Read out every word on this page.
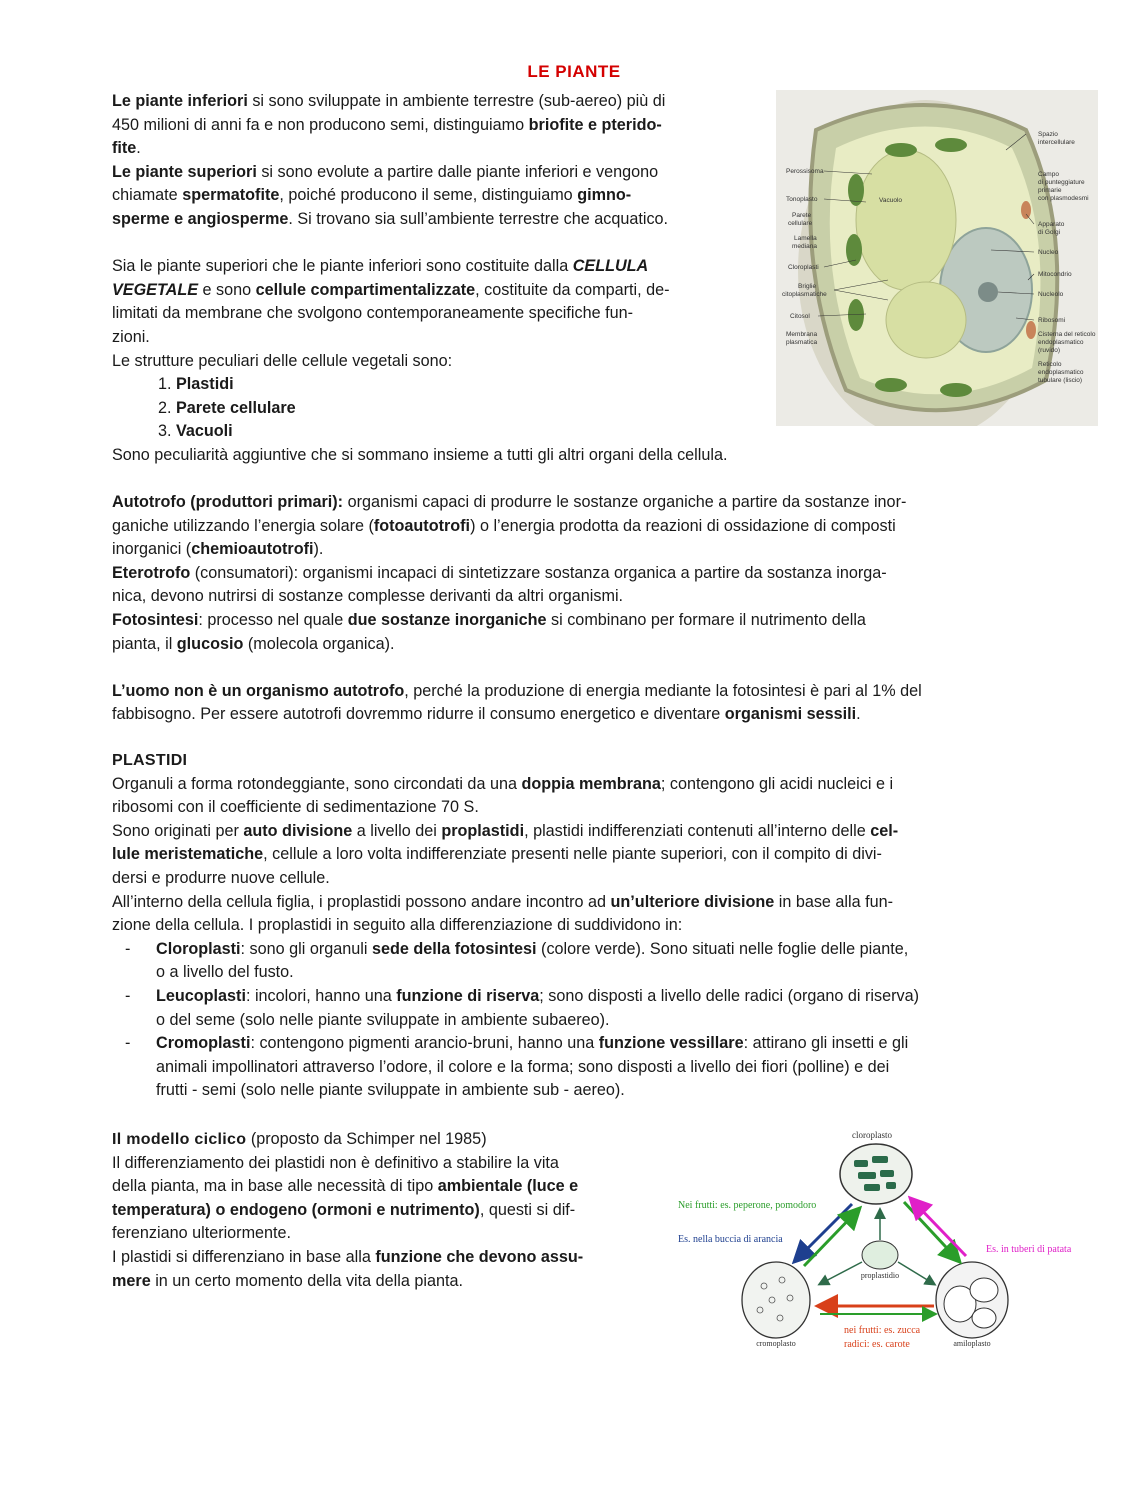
LE PIANTE

Le piante inferiori si sono sviluppate in ambiente terrestre (sub-aereo) più di

450 milioni di anni fa e non producono semi, distinguiamo briofite e pterido-

fite.

Le piante superiori si sono evolute a partire dalle piante inferiori e vengono

chiamate spermatofite, poiché producono il seme, distinguiamo gimno-

sperme e angiosperme. Si trovano sia sull’ambiente terrestre che acquatico.

Sia le piante superiori che le piante inferiori sono costituite dalla CELLULA

VEGETALE e sono cellule compartimentalizzate, costituite da comparti, de-

limitati da membrane che svolgono contemporaneamente specifiche fun-

zioni.

Le strutture peculiari delle cellule vegetali sono:

1. Plastidi
2. Parete cellulare
3. Vacuoli

Sono peculiarità aggiuntive che si sommano insieme a tutti gli altri organi della cellula.

Vacuolo
Perossisoma
Tonoplasto
Parete
cellulare
Lamella
mediana
Cloroplasti
Briglie
citoplasmatiche
Citosol
Membrana
plasmatica
Spazio
intercellulare
Campo
di punteggiature
primarie
con plasmodesmi
Apparato
di Golgi
Nucleo
Mitocondrio
Nucleolo
Ribosomi
Cisterna del reticolo
endoplasmatico
(ruvido)
Reticolo
endoplasmatico
tubulare (liscio)

Autotrofo (produttori primari): organismi capaci di produrre le sostanze organiche a partire da sostanze inor-

ganiche utilizzando l’energia solare (fotoautotrofi) o l’energia prodotta da reazioni di ossidazione di composti

inorganici (chemioautotrofi).

Eterotrofo (consumatori): organismi incapaci di sintetizzare sostanza organica a partire da sostanza inorga-

nica, devono nutrirsi di sostanze complesse derivanti da altri organismi.

Fotosintesi: processo nel quale due sostanze inorganiche si combinano per formare il nutrimento della

pianta, il glucosio (molecola organica).

L’uomo non è un organismo autotrofo, perché la produzione di energia mediante la fotosintesi è pari al 1% del

fabbisogno. Per essere autotrofi dovremmo ridurre il consumo energetico e diventare organismi sessili.

PLASTIDI

Organuli a forma rotondeggiante, sono circondati da una doppia membrana; contengono gli acidi nucleici e i

ribosomi con il coefficiente di sedimentazione 70 S.

Sono originati per auto divisione a livello dei proplastidi, plastidi indifferenziati contenuti all’interno delle cel-

lule meristematiche, cellule a loro volta indifferenziate presenti nelle piante superiori, con il compito di divi-

dersi e produrre nuove cellule.

All’interno della cellula figlia, i proplastidi possono andare incontro ad un’ulteriore divisione in base alla fun-

zione della cellula. I proplastidi in seguito alla differenziazione di suddividono in:

- Cloroplasti: sono gli organuli sede della fotosintesi (colore verde). Sono situati nelle foglie delle piante,
o a livello del fusto.
- Leucoplasti: incolori, hanno una funzione di riserva; sono disposti a livello delle radici (organo di riserva)
o del seme (solo nelle piante sviluppate in ambiente subaereo).
- Cromoplasti: contengono pigmenti arancio-bruni, hanno una funzione vessillare: attirano gli insetti e gli
animali impollinatori attraverso l’odore, il colore e la forma; sono disposti a livello dei fiori (polline) e dei
frutti - semi (solo nelle piante sviluppate in ambiente sub - aereo).

Il modello ciclico (proposto da Schimper nel 1985)

Il differenziamento dei plastidi non è definitivo a stabilire la vita

della pianta, ma in base alle necessità di tipo ambientale (luce e

temperatura) o endogeno (ormoni e nutrimento), questi si dif-

ferenziano ulteriormente.

I plastidi si differenziano in base alla funzione che devono assu-

mere in un certo momento della vita della pianta.

cloroplasto
proplastidio
cromoplasto	amiloplasto
Nei frutti: es. peperone, pomodoro
Es. nella buccia di arancia
Es. in tuberi di patata
nei frutti: es. zucca
radici: es. carote
